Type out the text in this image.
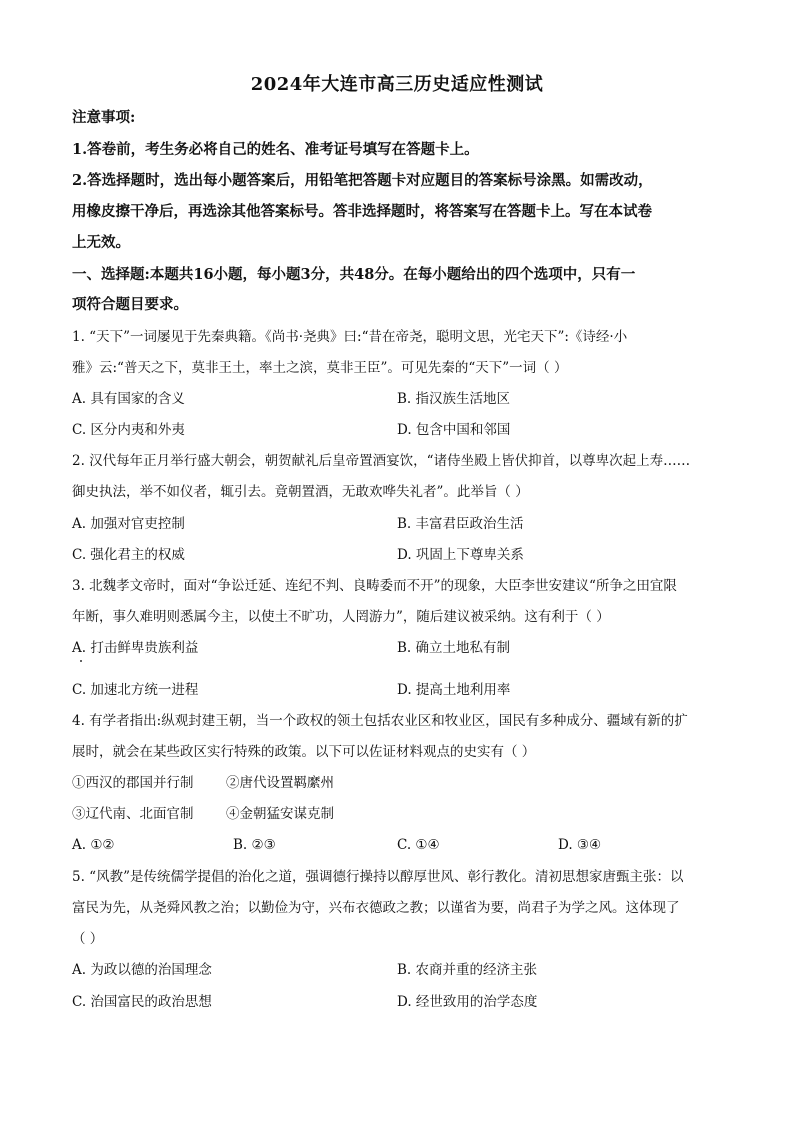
2024年大连市高三历史适应性测试
注意事项:
1.答卷前，考生务必将自己的姓名、准考证号填写在答题卡上。
2.答选择题时，选出每小题答案后，用铅笔把答题卡对应题目的答案标号涂黑。如需改动，
用橡皮擦干净后，再选涂其他答案标号。答非选择题时，将答案写在答题卡上。写在本试卷
上无效。
一、选择题:本题共16小题，每小题3分，共48分。在每小题给出的四个选项中，只有一
项符合题目要求。
1. “天下”一词屡见于先秦典籍。《尚书·尧典》曰:“昔在帝尧，聪明文思，光宅天下”:《诗经·小
雅》云:“普天之下，莫非王土，率土之滨，莫非王臣”。可见先秦的“天下”一词（ ）
A. 具有国家的含义	B. 指汉族生活地区
C. 区分内夷和外夷	D. 包含中国和邻国
2. 汉代每年正月举行盛大朝会，朝贺献礼后皇帝置酒宴饮，“诸侍坐殿上皆伏抑首，以尊卑次起上寿……
御史执法，举不如仪者，辄引去。竟朝置酒，无敢欢哗失礼者”。此举旨（ ）
A. 加强对官吏控制	B. 丰富君臣政治生活
C. 强化君主的权威	D. 巩固上下尊卑关系
3. 北魏孝文帝时，面对“争讼迁延、连纪不判、良畴委而不开”的现象，大臣李世安建议“所争之田宜限
年断，事久难明则悉属今主，以使土不旷功，人罔游力”，随后建议被采纳。这有利于（ ）
A. 打击鲜卑贵族利益	B. 确立土地私有制
C. 加速北方统一进程	D. 提高土地利用率
4. 有学者指出:纵观封建王朝，当一个政权的领土包括农业区和牧业区，国民有多种成分、疆域有新的扩
展时，就会在某些政区实行特殊的政策。以下可以佐证材料观点的史实有（ ）
①西汉的郡国并行制 ②唐代设置羁縻州
③辽代南、北面官制 ④金朝猛安谋克制
A. ①②	B. ②③	C. ①④	D. ③④
5. “风教”是传统儒学提倡的治化之道，强调德行操持以醇厚世风、彰行教化。清初思想家唐甄主张：以
富民为先，从尧舜风教之治；以勤俭为守，兴布衣德政之教；以谨省为要，尚君子为学之风。这体现了
（ ）
A. 为政以德的治国理念	B. 农商并重的经济主张
C. 治国富民的政治思想	D. 经世致用的治学态度
